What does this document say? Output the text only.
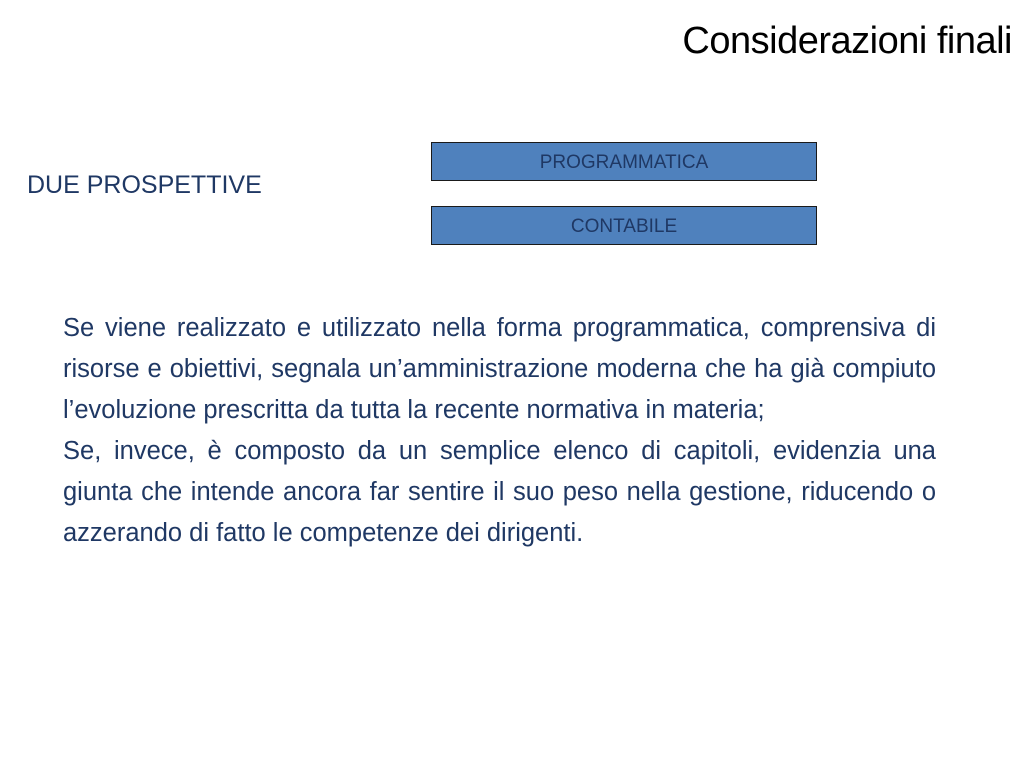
Considerazioni finali
DUE PROSPETTIVE
PROGRAMMATICA
CONTABILE

Se viene realizzato e utilizzato nella forma programmatica, comprensiva di risorse e obiettivi, segnala un’amministrazione moderna che ha già compiuto l’evoluzione prescritta da tutta la recente normativa in materia;

Se, invece, è composto da un semplice elenco di capitoli, evidenzia una giunta che intende ancora far sentire il suo peso nella gestione, riducendo o azzerando di fatto le competenze dei dirigenti.
